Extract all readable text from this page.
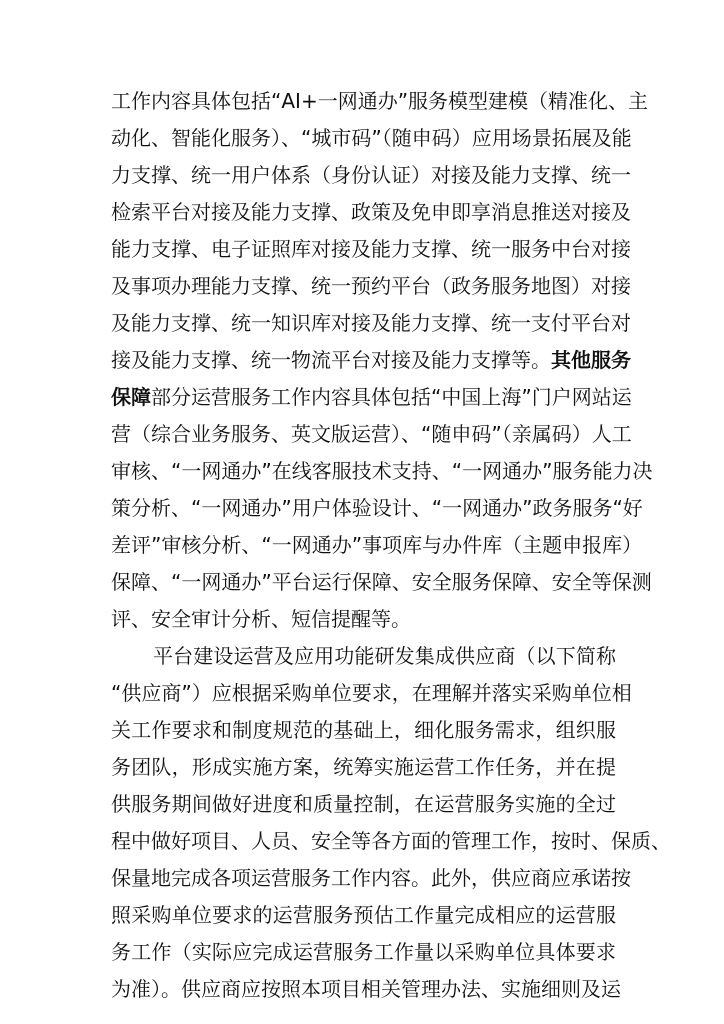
工作内容具体包括“AI+一网通办”服务模型建模（精准化、主
动化、智能化服务）、“城市码”（随申码）应用场景拓展及能
力支撑、统一用户体系（身份认证）对接及能力支撑、统一
检索平台对接及能力支撑、政策及免申即享消息推送对接及
能力支撑、电子证照库对接及能力支撑、统一服务中台对接
及事项办理能力支撑、统一预约平台（政务服务地图）对接
及能力支撑、统一知识库对接及能力支撑、统一支付平台对
接及能力支撑、统一物流平台对接及能力支撑等。其他服务
保障部分运营服务工作内容具体包括“中国上海”门户网站运
营（综合业务服务、英文版运营）、“随申码”（亲属码）人工
审核、“一网通办”在线客服技术支持、“一网通办”服务能力决
策分析、“一网通办”用户体验设计、“一网通办”政务服务“好
差评”审核分析、“一网通办”事项库与办件库（主题申报库）
保障、“一网通办”平台运行保障、安全服务保障、安全等保测
评、安全审计分析、短信提醒等。
平台建设运营及应用功能研发集成供应商（以下简称
“供应商”）应根据采购单位要求，在理解并落实采购单位相
关工作要求和制度规范的基础上，细化服务需求，组织服
务团队，形成实施方案，统筹实施运营工作任务，并在提
供服务期间做好进度和质量控制，在运营服务实施的全过
程中做好项目、人员、安全等各方面的管理工作，按时、保质、
保量地完成各项运营服务工作内容。此外，供应商应承诺按
照采购单位要求的运营服务预估工作量完成相应的运营服
务工作（实际应完成运营服务工作量以采购单位具体要求
为准）。供应商应按照本项目相关管理办法、实施细则及运
